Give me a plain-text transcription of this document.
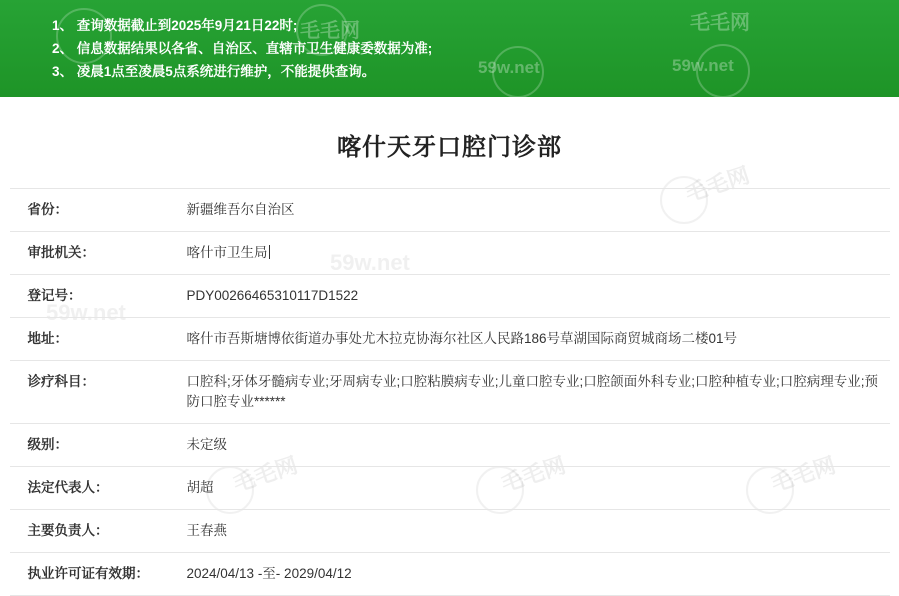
毛毛网	毛毛网
59w.net
59w.net
1、 查询数据截止到2025年9月21日22时;
2、 信息数据结果以各省、自治区、直辖市卫生健康委数据为准;
3、 凌晨1点至凌晨5点系统进行维护，不能提供查询。
毛毛网	毛毛网	毛毛网
毛毛网
59w.net
59w.net
喀什天牙口腔门诊部
省份：	新疆维吾尔自治区
审批机关：	喀什市卫生局
登记号：	PDY00266465310117D1522
地址：	喀什市吾斯塘博依街道办事处尤木拉克协海尔社区人民路186号草湖国际商贸城商场二楼01号
诊疗科目：	口腔科;牙体牙髓病专业;牙周病专业;口腔粘膜病专业;儿童口腔专业;口腔颌面外科专业;口腔种植专业;口腔病理专业;预防口腔专业******
级别：	未定级
法定代表人：	胡超
主要负责人：	王春燕
执业许可证有效期：	2024/04/13 -至- 2029/04/12
